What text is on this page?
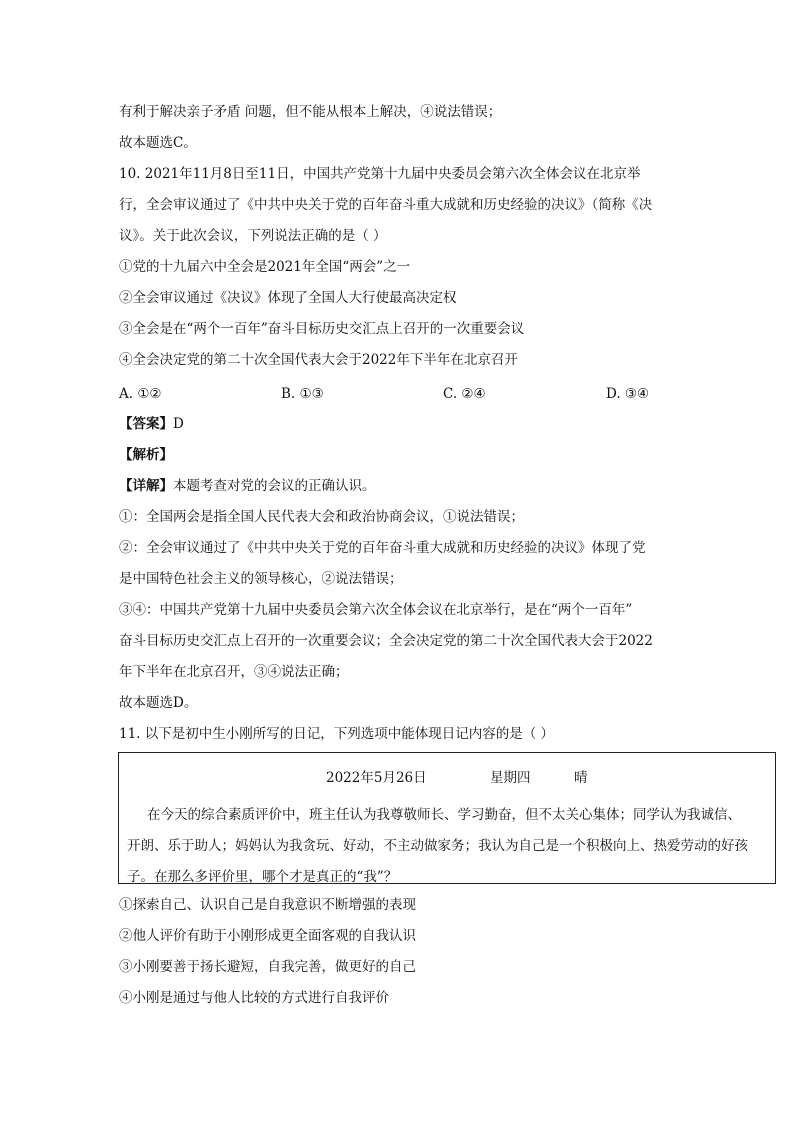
有利于解决亲子矛盾 问题，但不能从根本上解决，④说法错误；
故本题选C。
10. 2021年11月8日至11日，中国共产党第十九届中央委员会第六次全体会议在北京举
行，全会审议通过了《中共中央关于党的百年奋斗重大成就和历史经验的决议》（简称《决
议》。关于此次会议，下列说法正确的是（ ）
①党的十九届六中全会是2021年全国“两会”之一
②全会审议通过《决议》体现了全国人大行使最高决定权
③全会是在“两个一百年”奋斗目标历史交汇点上召开的一次重要会议
④全会决定党的第二十次全国代表大会于2022年下半年在北京召开
A. ①②	B. ①③	C. ②④	D. ③④
【答案】D
【解析】
【详解】本题考查对党的会议的正确认识。
①：全国两会是指全国人民代表大会和政治协商会议，①说法错误；
②：全会审议通过了《中共中央关于党的百年奋斗重大成就和历史经验的决议》体现了党
是中国特色社会主义的领导核心，②说法错误；
③④：中国共产党第十九届中央委员会第六次全体会议在北京举行，是在“两个一百年”
奋斗目标历史交汇点上召开的一次重要会议；全会决定党的第二十次全国代表大会于2022
年下半年在北京召开，③④说法正确；
故本题选D。
11. 以下是初中生小刚所写的日记，下列选项中能体现日记内容的是（ ）
2022年5月26日	星期四	晴
在今天的综合素质评价中，班主任认为我尊敬师长、学习勤奋，但不太关心集体；同学认为我诚信、
开朗、乐于助人；妈妈认为我贪玩、好动，不主动做家务；我认为自己是一个积极向上、热爱劳动的好孩
子。在那么多评价里，哪个才是真正的“我”？
①探索自己、认识自己是自我意识不断增强的表现
②他人评价有助于小刚形成更全面客观的自我认识
③小刚要善于扬长避短，自我完善，做更好的自己
④小刚是通过与他人比较的方式进行自我评价
